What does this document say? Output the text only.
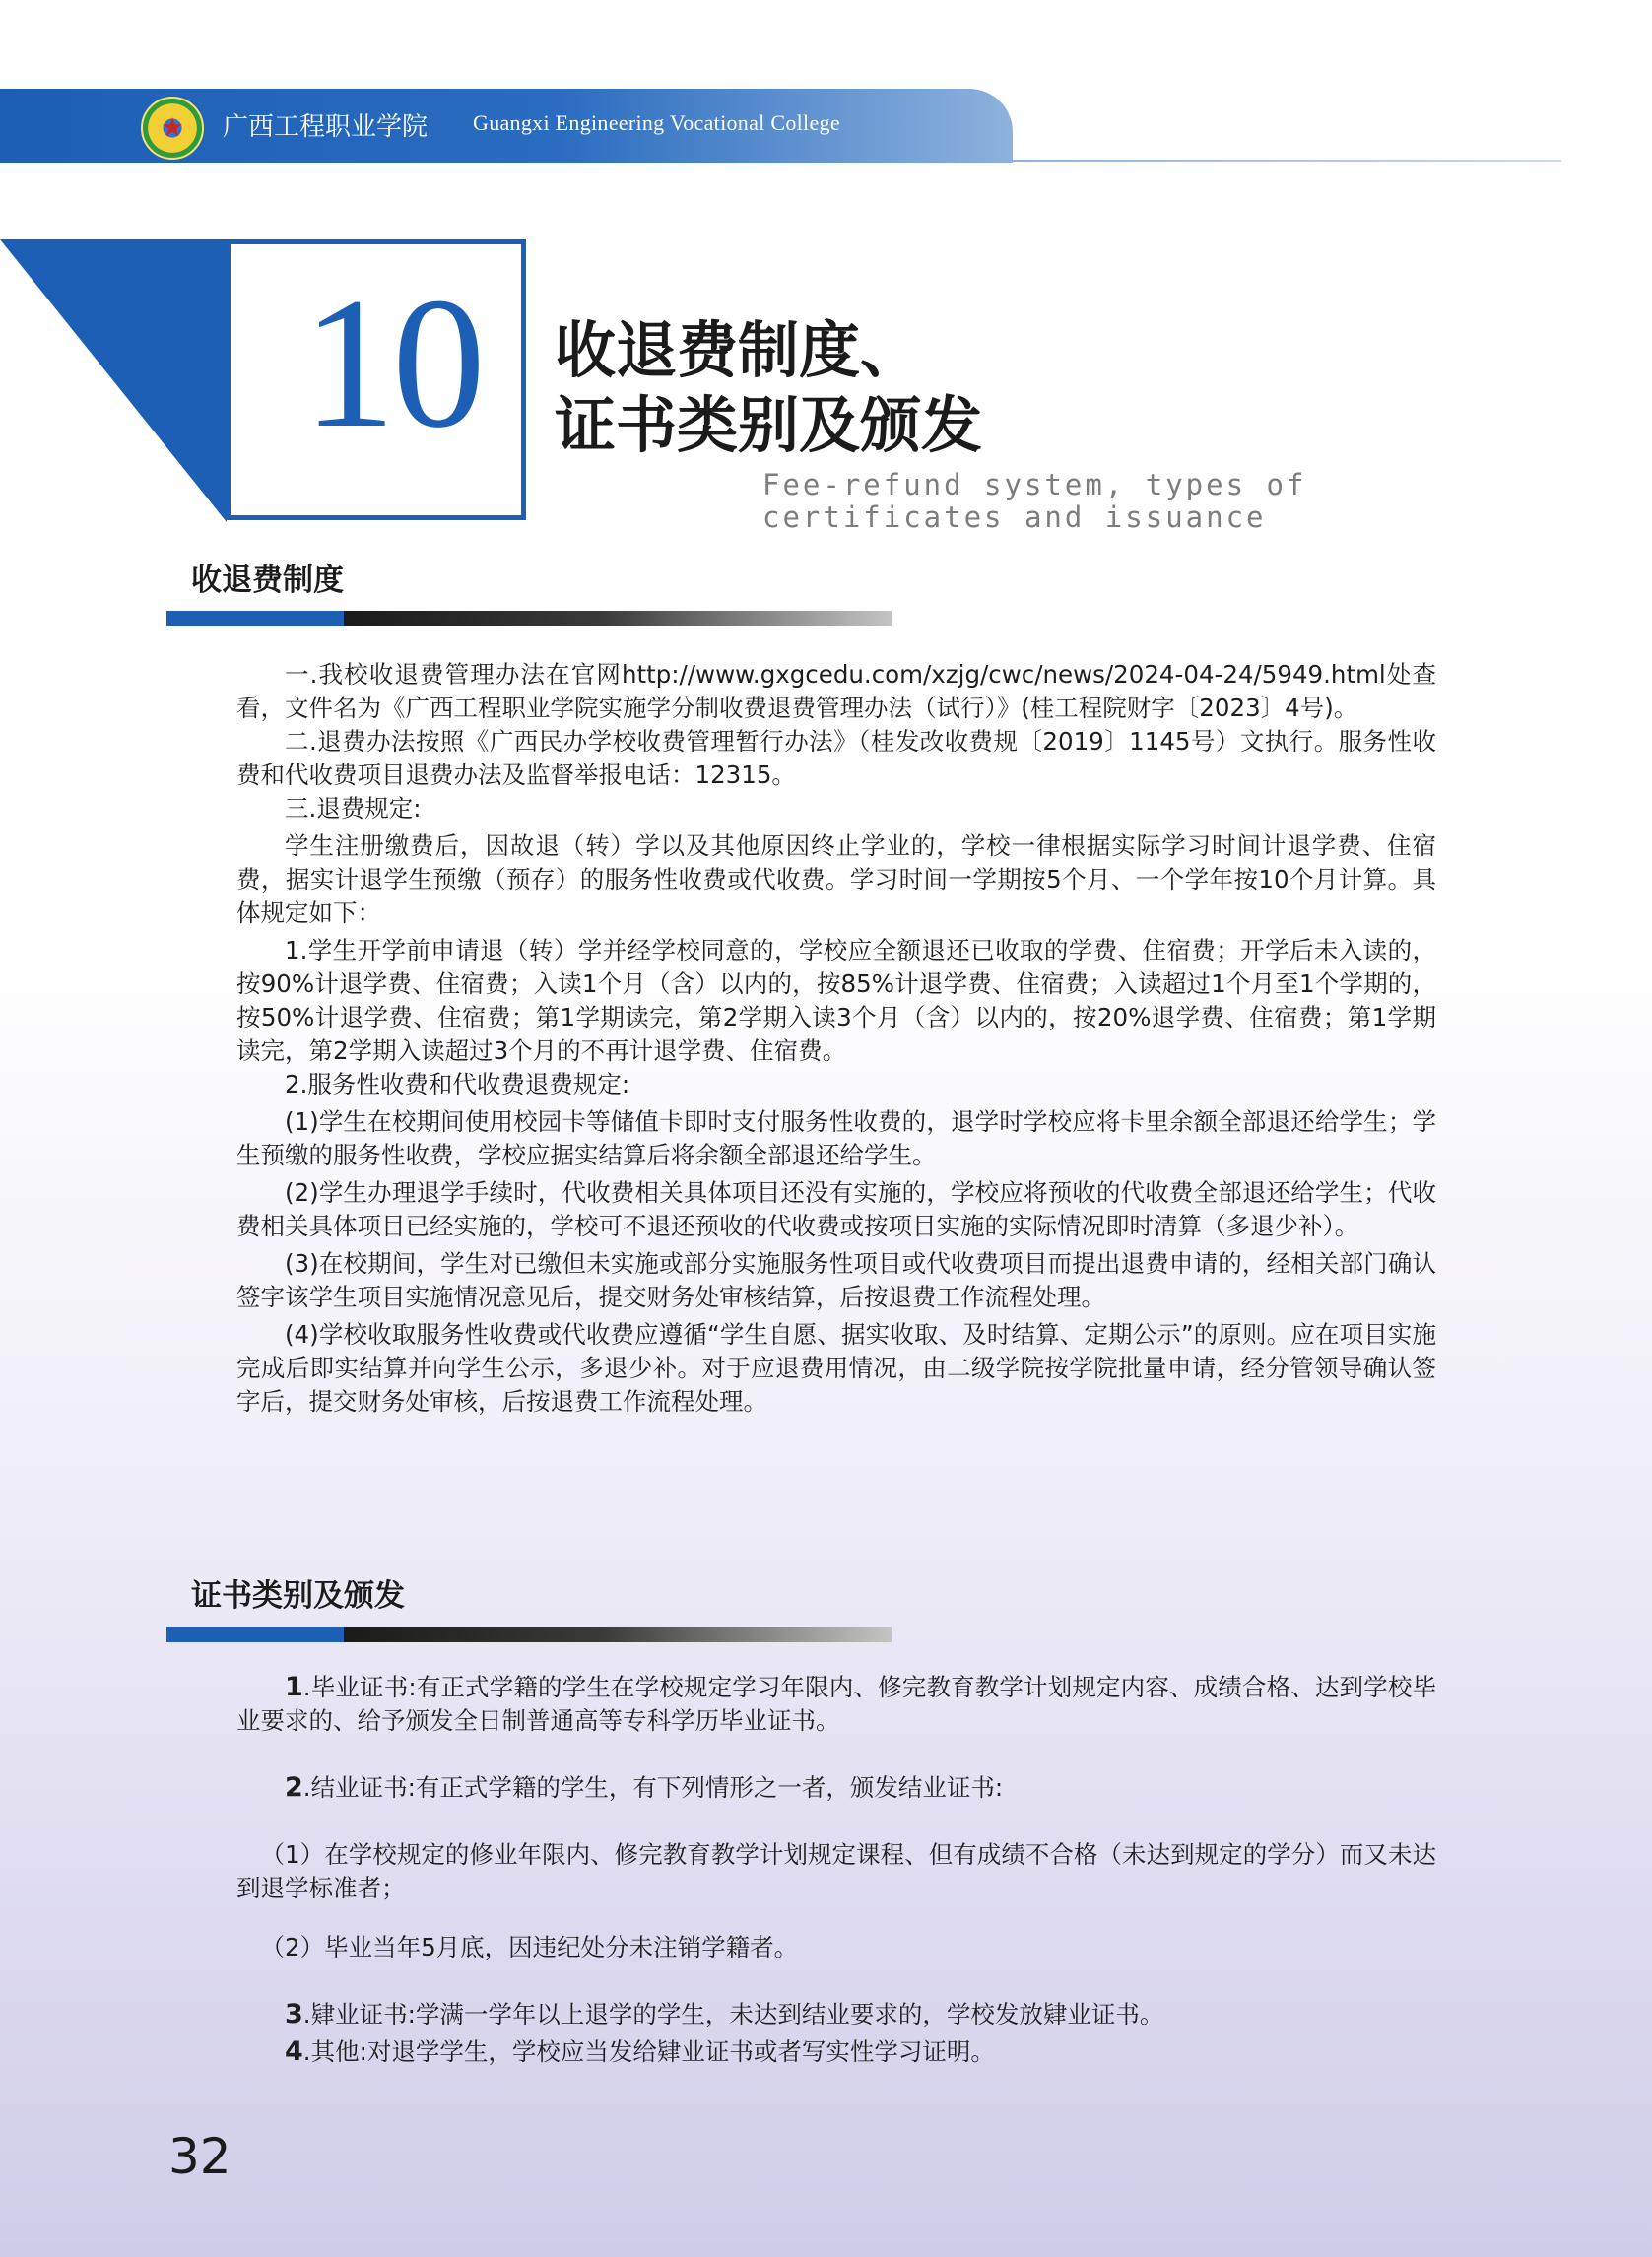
★	广西工程职业学院 Guangxi Engineering Vocational College
10 收退费制度、
证书类别及颁发
Fee-refund system, types of
certificates and issuance
收退费制度

一.我校收退费管理办法在官网http://www.gxgcedu.com/xzjg/cwc/news/2024-04-24/5949.html处查看，文件名为《广西工程职业学院实施学分制收费退费管理办法（试行）》(桂工程院财字〔2023〕4号)。

二.退费办法按照《广西民办学校收费管理暂行办法》（桂发改收费规〔2019〕1145号）文执行。服务性收费和代收费项目退费办法及监督举报电话：12315。

三.退费规定:

学生注册缴费后，因故退（转）学以及其他原因终止学业的，学校一律根据实际学习时间计退学费、住宿费，据实计退学生预缴（预存）的服务性收费或代收费。学习时间一学期按5个月、一个学年按10个月计算。具体规定如下：

1.学生开学前申请退（转）学并经学校同意的，学校应全额退还已收取的学费、住宿费；开学后未入读的，按90%计退学费、住宿费；入读1个月（含）以内的，按85%计退学费、住宿费；入读超过1个月至1个学期的，按50%计退学费、住宿费；第1学期读完，第2学期入读3个月（含）以内的，按20%退学费、住宿费；第1学期读完，第2学期入读超过3个月的不再计退学费、住宿费。

2.服务性收费和代收费退费规定:

(1)学生在校期间使用校园卡等储值卡即时支付服务性收费的，退学时学校应将卡里余额全部退还给学生；学生预缴的服务性收费，学校应据实结算后将余额全部退还给学生。

(2)学生办理退学手续时，代收费相关具体项目还没有实施的，学校应将预收的代收费全部退还给学生；代收费相关具体项目已经实施的，学校可不退还预收的代收费或按项目实施的实际情况即时清算（多退少补）。

(3)在校期间，学生对已缴但未实施或部分实施服务性项目或代收费项目而提出退费申请的，经相关部门确认签字该学生项目实施情况意见后，提交财务处审核结算，后按退费工作流程处理。

(4)学校收取服务性收费或代收费应遵循“学生自愿、据实收取、及时结算、定期公示”的原则。应在项目实施完成后即实结算并向学生公示，多退少补。对于应退费用情况，由二级学院按学院批量申请，经分管领导确认签字后，提交财务处审核，后按退费工作流程处理。

证书类别及颁发

1.毕业证书:有正式学籍的学生在学校规定学习年限内、修完教育教学计划规定内容、成绩合格、达到学校毕业要求的、给予颁发全日制普通高等专科学历毕业证书。

2.结业证书:有正式学籍的学生，有下列情形之一者，颁发结业证书:

（1）在学校规定的修业年限内、修完教育教学计划规定课程、但有成绩不合格（未达到规定的学分）而又未达到退学标准者；

（2）毕业当年5月底，因违纪处分未注销学籍者。

3.肄业证书:学满一学年以上退学的学生，未达到结业要求的，学校发放肄业证书。

4.其他:对退学学生，学校应当发给肄业证书或者写实性学习证明。

32
